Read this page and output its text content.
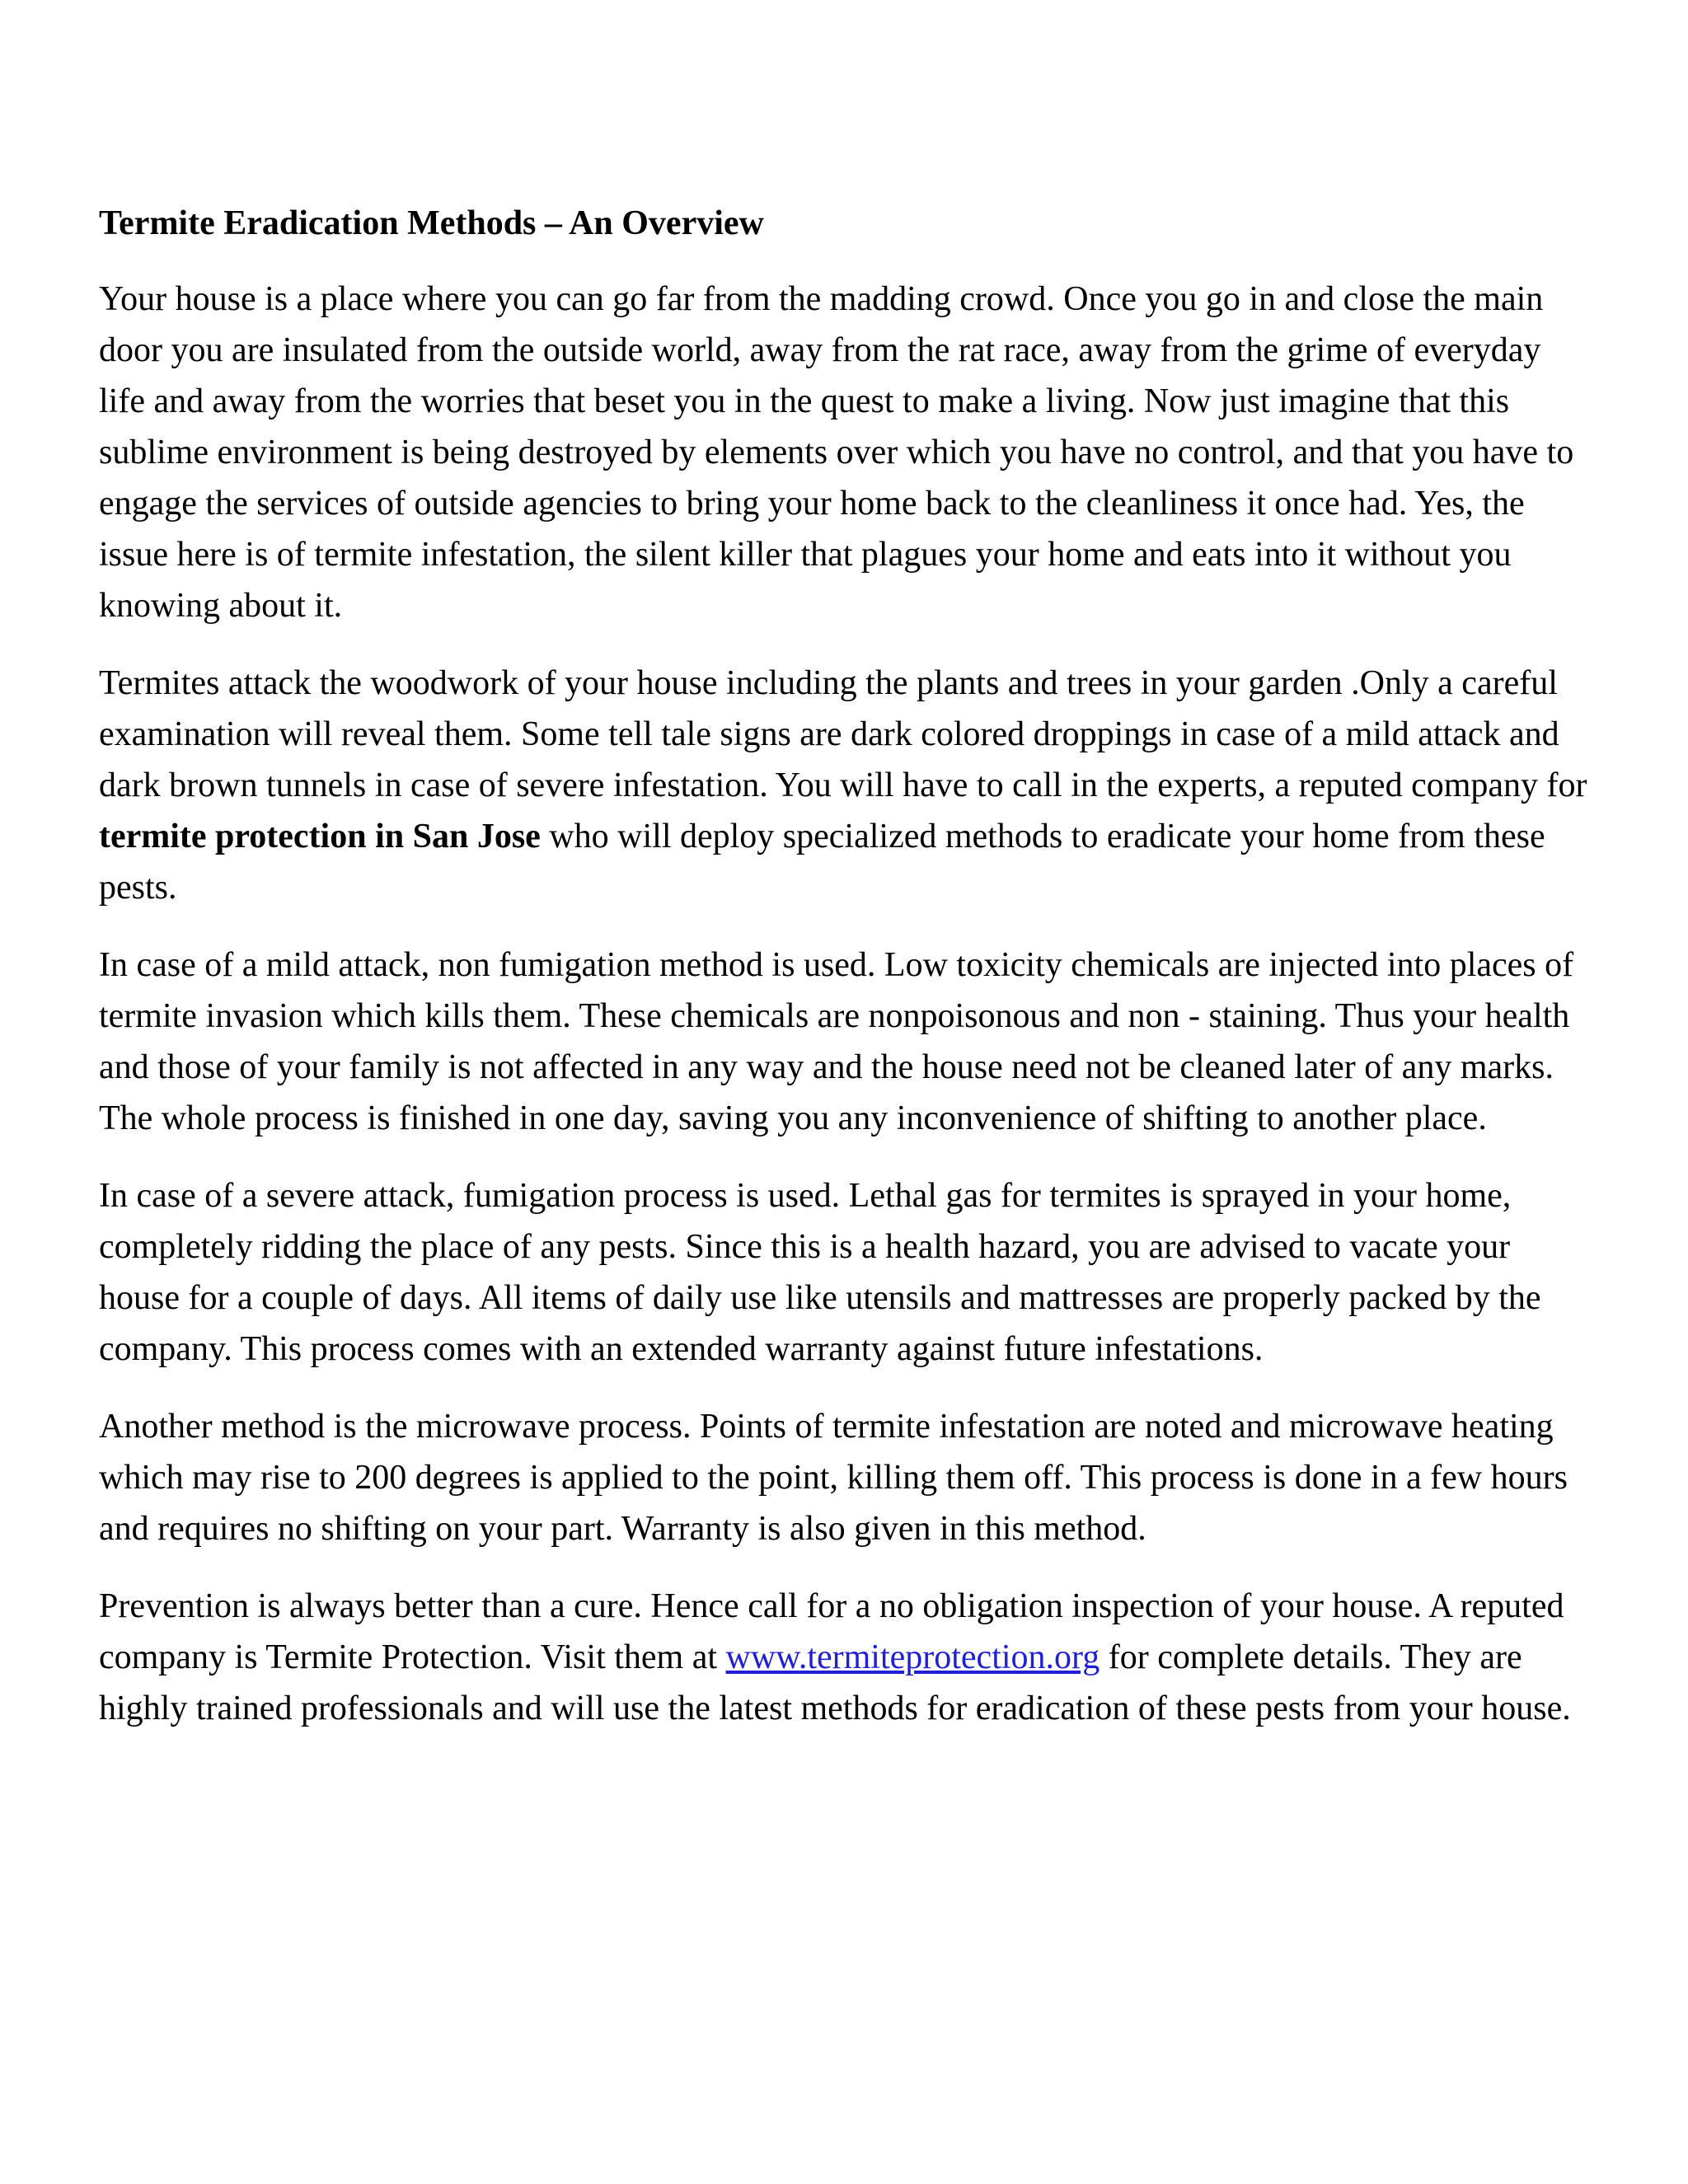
Termite Eradication Methods – An Overview

Your house is a place where you can go far from the madding crowd. Once you go in and close the main door you are insulated from the outside world, away from the rat race, away from the grime of everyday life and away from the worries that beset you in the quest to make a living. Now just imagine that this sublime environment is being destroyed by elements over which you have no control, and that you have to engage the services of outside agencies to bring your home back to the cleanliness it once had. Yes, the issue here is of termite infestation, the silent killer that plagues your home and eats into it without you knowing about it.

Termites attack the woodwork of your house including the plants and trees in your garden .Only a careful examination will reveal them. Some tell tale signs are dark colored droppings in case of a mild attack and dark brown tunnels in case of severe infestation. You will have to call in the experts, a reputed company for termite protection in San Jose who will deploy specialized methods to eradicate your home from these pests.

In case of a mild attack, non fumigation method is used. Low toxicity chemicals are injected into places of termite invasion which kills them. These chemicals are nonpoisonous and non - staining. Thus your health and those of your family is not affected in any way and the house need not be cleaned later of any marks. The whole process is finished in one day, saving you any inconvenience of shifting to another place.

In case of a severe attack, fumigation process is used. Lethal gas for termites is sprayed in your home, completely ridding the place of any pests. Since this is a health hazard, you are advised to vacate your house for a couple of days. All items of daily use like utensils and mattresses are properly packed by the company. This process comes with an extended warranty against future infestations.

Another method is the microwave process. Points of termite infestation are noted and microwave heating which may rise to 200 degrees is applied to the point, killing them off. This process is done in a few hours and requires no shifting on your part. Warranty is also given in this method.

Prevention is always better than a cure. Hence call for a no obligation inspection of your house. A reputed company is Termite Protection. Visit them at www.termiteprotection.org for complete details. They are highly trained professionals and will use the latest methods for eradication of these pests from your house.
